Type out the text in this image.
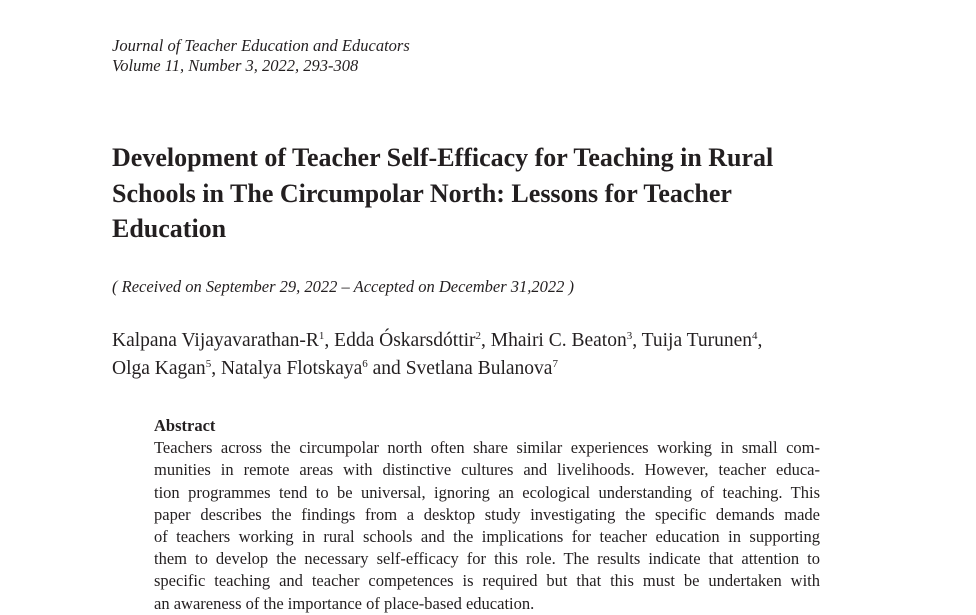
Journal of Teacher Education and Educators
Volume 11, Number 3, 2022, 293-308
Development of Teacher Self-Efficacy for Teaching in Rural
Schools in The Circumpolar North: Lessons for Teacher
Education
( Received on September 29, 2022 – Accepted on December 31,2022 )
Kalpana Vijayavarathan-$R^1$, Edda Óskarsdóttir$^2$, Mhairi C. Beaton$^3$, Tuija Turunen$^4$,
Olga Kagan$^5$, Natalya Flotskaya$^6$ and Svetlana Bulanova$^7$
Abstract
Teachers across the circumpolar north often share similar experiences working in small com-
munities in remote areas with distinctive cultures and livelihoods. However, teacher educa-
tion programmes tend to be universal, ignoring an ecological understanding of teaching. This
paper describes the findings from a desktop study investigating the specific demands made
of teachers working in rural schools and the implications for teacher education in supporting
them to develop the necessary self-efficacy for this role. The results indicate that attention to
specific teaching and teacher competences is required but that this must be undertaken with
an awareness of the importance of place-based education.
